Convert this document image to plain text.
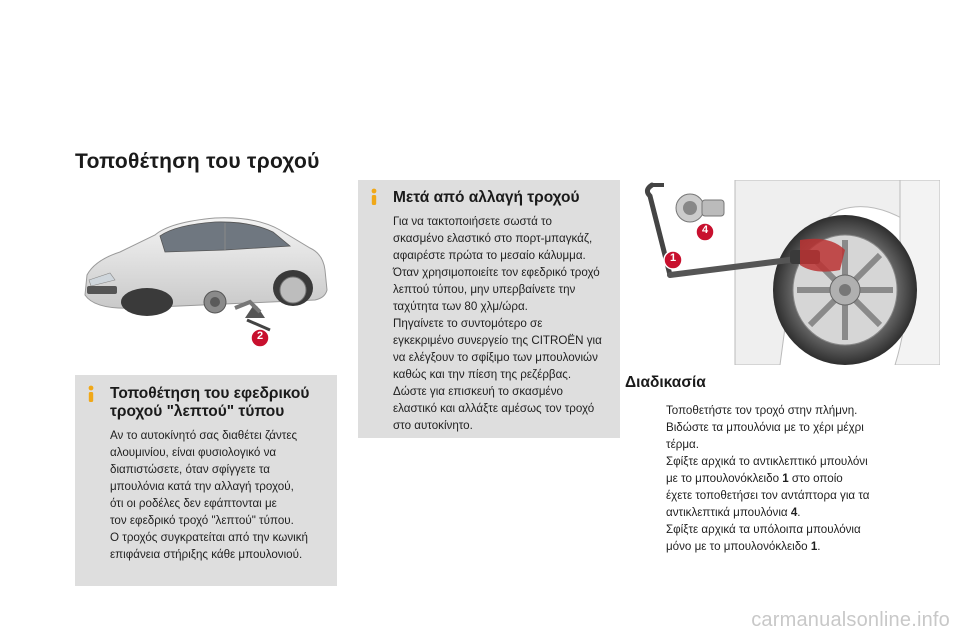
Τοποθέτηση του τροχού
2
1
4
Τοποθέτηση του εφεδρικού τροχού "λεπτού" τύπου

Αν το αυτοκίνητό σας διαθέτει ζάντες

αλουμινίου, είναι φυσιολογικό να

διαπιστώσετε, όταν σφίγγετε τα

μπουλόνια κατά την αλλαγή τροχού,

ότι οι ροδέλες δεν εφάπτονται με

τον εφεδρικό τροχό "λεπτού" τύπου.

Ο τροχός συγκρατείται από την κωνική

επιφάνεια στήριξης κάθε μπουλονιού.

Μετά από αλλαγή τροχού

Για να τακτοποιήσετε σωστά το

σκασμένο ελαστικό στο πορτ-μπαγκάζ,

αφαιρέστε πρώτα το μεσαίο κάλυμμα.

Όταν χρησιμοποιείτε τον εφεδρικό τροχό

λεπτού τύπου, μην υπερβαίνετε την

ταχύτητα των 80 χλμ/ώρα.

Πηγαίνετε το συντομότερο σε

εγκεκριμένο συνεργείο της CITROËN για

να ελέγξουν το σφίξιμο των μπουλονιών

καθώς και την πίεση της ρεζέρβας.

Δώστε για επισκευή το σκασμένο

ελαστικό και αλλάξτε αμέσως τον τροχό

στο αυτοκίνητο.

Διαδικασία
Τοποθετήστε τον τροχό στην πλήμνη.
Βιδώστε τα μπουλόνια με το χέρι μέχρι
τέρμα.
Σφίξτε αρχικά το αντικλεπτικό μπουλόνι
με το μπουλονόκλειδο 1 στο οποίο
έχετε τοποθετήσει τον αντάπτορα για τα
αντικλεπτικά μπουλόνια 4.
Σφίξτε αρχικά τα υπόλοιπα μπουλόνια
μόνο με το μπουλονόκλειδο 1.
carmanualsonline.info
